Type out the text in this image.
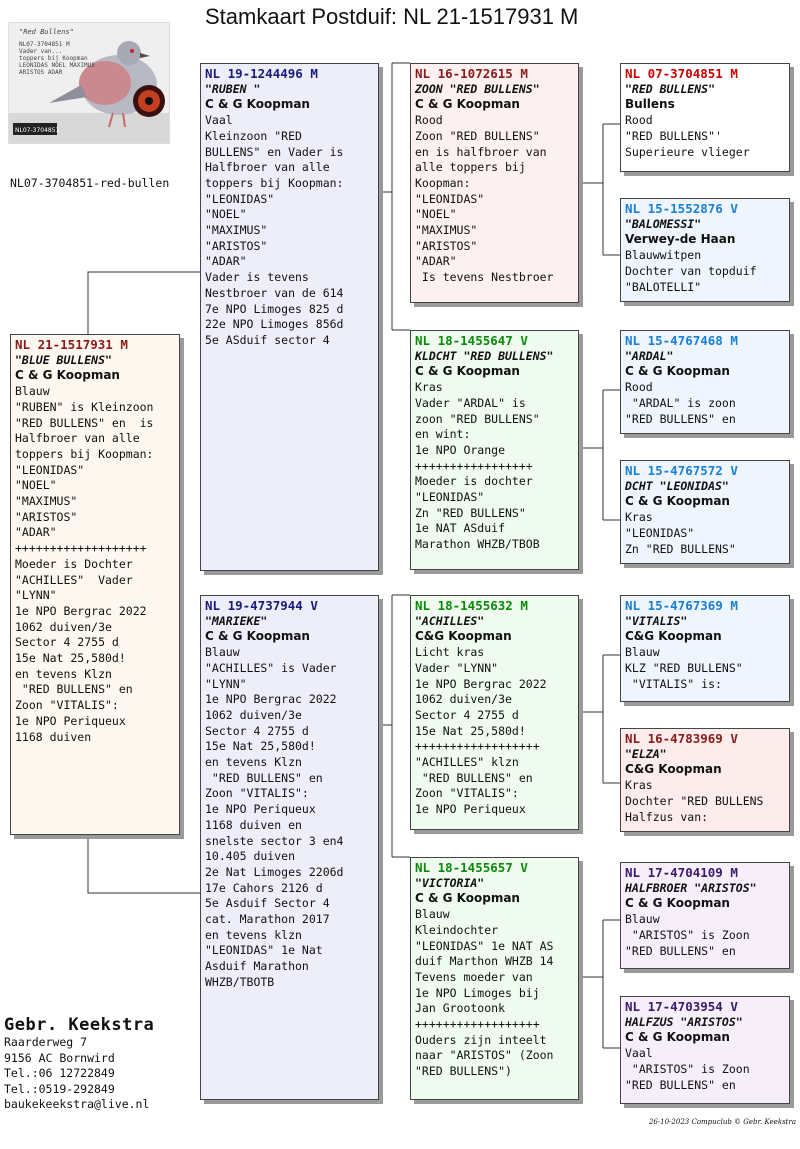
Stamkaart Postduif: NL 21-1517931 M
NL07-3704851
"Red Bullens"
NL07-3704851 M
Vader van...
toppers bij Koopman
LEONIDAS NOEL MAXIMUS
ARISTOS ADAR
NL07-3704851-red-bullen
NL 21-1517931 M
"BLUE BULLENS"
C & G Koopman
Blauw
"RUBEN" is Kleinzoon
"RED BULLENS" en  is
Halfbroer van alle
toppers bij Koopman:
"LEONIDAS"
"NOEL"
"MAXIMUS"
"ARISTOS"
"ADAR"
+++++++++++++++++++
Moeder is Dochter
"ACHILLES"  Vader
"LYNN"
1e NPO Bergrac 2022
1062 duiven/3e
Sector 4 2755 d
15e Nat 25,580d!
en tevens Klzn
"RED BULLENS" en
Zoon "VITALIS":
1e NPO Periqueux
1168 duiven
NL 19-1244496 M
"RUBEN "
C & G Koopman
Vaal
Kleinzoon "RED
BULLENS" en Vader is
Halfbroer van alle
toppers bij Koopman:
"LEONIDAS"
"NOEL"
"MAXIMUS"
"ARISTOS"
"ADAR"
Vader is tevens
Nestbroer van de 614
7e NPO Limoges 825 d
22e NPO Limoges 856d
5e ASduif sector 4
NL 19-4737944 V
"MARIEKE"
C & G Koopman
Blauw
"ACHILLES" is Vader
"LYNN"
1e NPO Bergrac 2022
1062 duiven/3e
Sector 4 2755 d
15e Nat 25,580d!
en tevens Klzn
"RED BULLENS" en
Zoon "VITALIS":
1e NPO Periqueux
1168 duiven en
snelste sector 3 en4
10.405 duiven
2e Nat Limoges 2206d
17e Cahors 2126 d
5e Asduif Sector 4
cat. Marathon 2017
en tevens klzn
"LEONIDAS" 1e Nat
Asduif Marathon
WHZB/TBOTB
NL 16-1072615 M
ZOON "RED BULLENS"
C & G Koopman
Rood
Zoon "RED BULLENS"
en is halfbroer van
alle toppers bij
Koopman:
"LEONIDAS"
"NOEL"
"MAXIMUS"
"ARISTOS"
"ADAR"
Is tevens Nestbroer
NL 18-1455647 V
KLDCHT "RED BULLENS"
C & G Koopman
Kras
Vader "ARDAL" is
zoon "RED BULLENS"
en wint:
1e NPO Orange
+++++++++++++++++
Moeder is dochter
"LEONIDAS"
Zn "RED BULLENS"
1e NAT ASduif
Marathon WHZB/TBOB
NL 18-1455632 M
"ACHILLES"
C&G Koopman
Licht kras
Vader "LYNN"
1e NPO Bergrac 2022
1062 duiven/3e
Sector 4 2755 d
15e Nat 25,580d!
++++++++++++++++++
"ACHILLES" klzn
"RED BULLENS" en
Zoon "VITALIS":
1e NPO Periqueux
NL 18-1455657 V
"VICTORIA"
C & G Koopman
Blauw
Kleindochter
"LEONIDAS" 1e NAT AS
duif Marthon WHZB 14
Tevens moeder van
1e NPO Limoges bij
Jan Grootoonk
++++++++++++++++++
Ouders zijn inteelt
naar "ARISTOS" (Zoon
"RED BULLENS")
NL 07-3704851 M
"RED BULLENS"
Bullens
Rood
"RED BULLENS"'
Superieure vlieger
NL 15-1552876 V
"BALOMESSI"
Verwey-de Haan
Blauwwitpen
Dochter van topduif
"BALOTELLI"
NL 15-4767468 M
"ARDAL"
C & G Koopman
Rood
"ARDAL" is zoon
"RED BULLENS" en
NL 15-4767572 V
DCHT "LEONIDAS"
C & G Koopman
Kras
"LEONIDAS"
Zn "RED BULLENS"
NL 15-4767369 M
"VITALIS"
C&G Koopman
Blauw
KLZ "RED BULLENS"
"VITALIS" is:
NL 16-4783969 V
"ELZA"
C&G Koopman
Kras
Dochter "RED BULLENS
Halfzus van:
NL 17-4704109 M
HALFBROER "ARISTOS"
C & G Koopman
Blauw
"ARISTOS" is Zoon
"RED BULLENS" en
NL 17-4703954 V
HALFZUS "ARISTOS"
C & G Koopman
Vaal
"ARISTOS" is Zoon
"RED BULLENS" en
Gebr. Keekstra
Raarderweg 7
9156 AC Bornwird
Tel.:06 12722849
Tel.:0519-292849
baukekeekstra@live.nl
26-10-2023 Compuclub © Gebr. Keekstra
